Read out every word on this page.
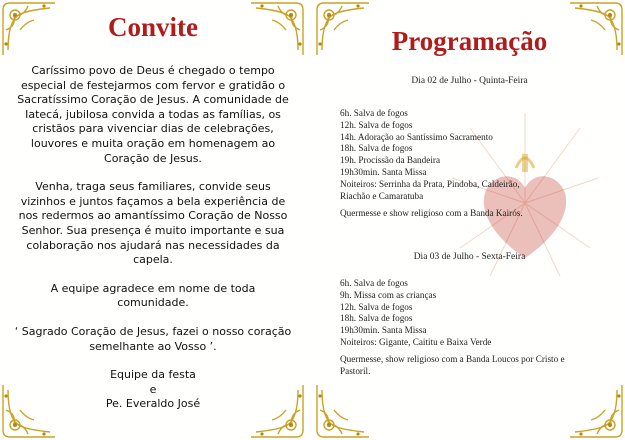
Convite

Caríssimo povo de Deus é chegado o tempo especial de festejarmos com fervor e gratidão o Sacratíssimo Coração de Jesus. A comunidade de Iatecá, jubilosa convida a todas as famílias, os cristãos para vivenciar dias de celebrações, louvores e muita oração em homenagem ao Coração de Jesus.

Venha, traga seus familiares, convide seus vizinhos e juntos façamos a bela experiência de nos redermos ao amantíssimo Coração de Nosso Senhor. Sua presença é muito importante e sua colaboração nos ajudará nas necessidades da capela.

A equipe agradece em nome de toda comunidade.

‘ Sagrado Coração de Jesus, fazei o nosso coração semelhante ao Vosso ’.

Equipe da festa

e

Pe. Everaldo José

Programação
Dia 02 de Julho - Quinta-Feira
6h. Salva de fogos
12h. Salva de fogos
14h. Adoração ao Santíssimo Sacramento
18h. Salva de fogos
19h. Procissão da Bandeira
19h30min. Santa Missa
Noiteiros: Serrinha da Prata, Pindoba, Caldeirão,
Riachão e Camaratuba
Quermesse e show religioso com a Banda Kairós.
Dia 03 de Julho - Sexta-Feira
6h. Salva de fogos
9h. Missa com as crianças
12h. Salva de fogos
18h. Salva de fogos
19h30min. Santa Missa
Noiteiros: Gigante, Caititu e Baixa Verde
Quermesse, show religioso com a Banda Loucos por Cristo e Pastoril.
